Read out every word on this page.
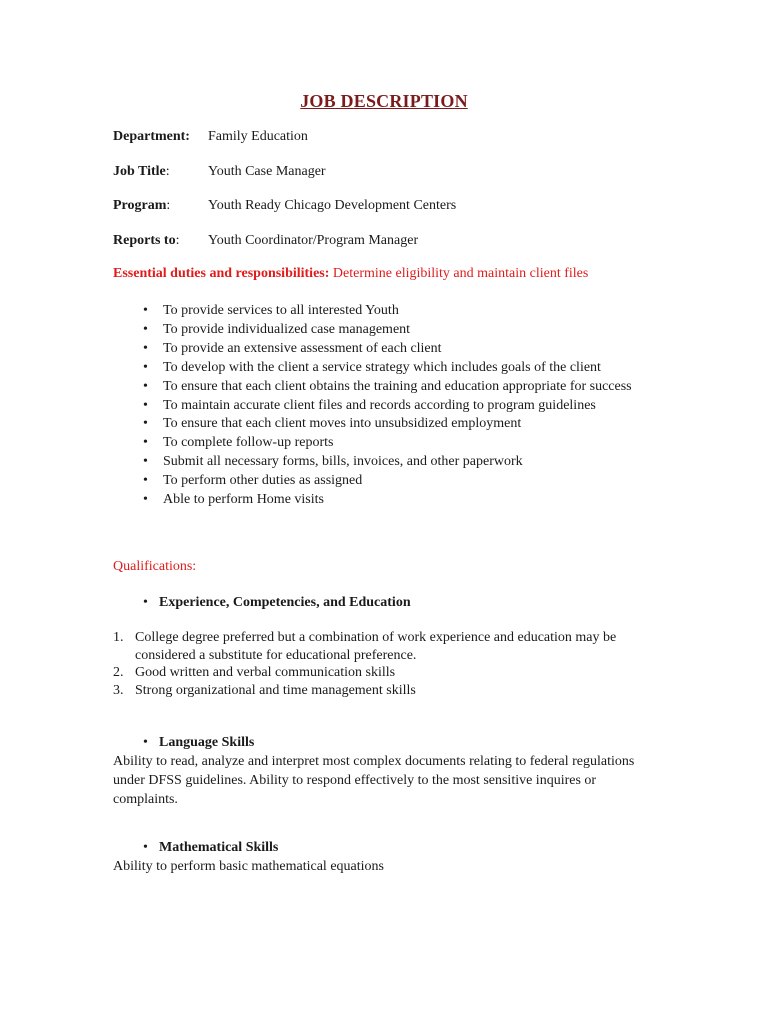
JOB DESCRIPTION
Department: Family Education
Job Title:	Youth Case Manager
Program:	Youth Ready Chicago Development Centers
Reports to: Youth Coordinator/Program Manager
Essential duties and responsibilities: Determine eligibility and maintain client files
• To provide services to all interested Youth
• To provide individualized case management
• To provide an extensive assessment of each client
• To develop with the client a service strategy which includes goals of the client
• To ensure that each client obtains the training and education appropriate for success
• To maintain accurate client files and records according to program guidelines
• To ensure that each client moves into unsubsidized employment
• To complete follow-up reports
• Submit all necessary forms, bills, invoices, and other paperwork
• To perform other duties as assigned
• Able to perform Home visits
Qualifications:
• Experience, Competencies, and Education
1. College degree preferred but a combination of work experience and education may be considered a substitute for educational preference.
2. Good written and verbal communication skills
3. Strong organizational and time management skills
• Language Skills
Ability to read, analyze and interpret most complex documents relating to federal regulations under DFSS guidelines. Ability to respond effectively to the most sensitive inquires or complaints.
• Mathematical Skills
Ability to perform basic mathematical equations
